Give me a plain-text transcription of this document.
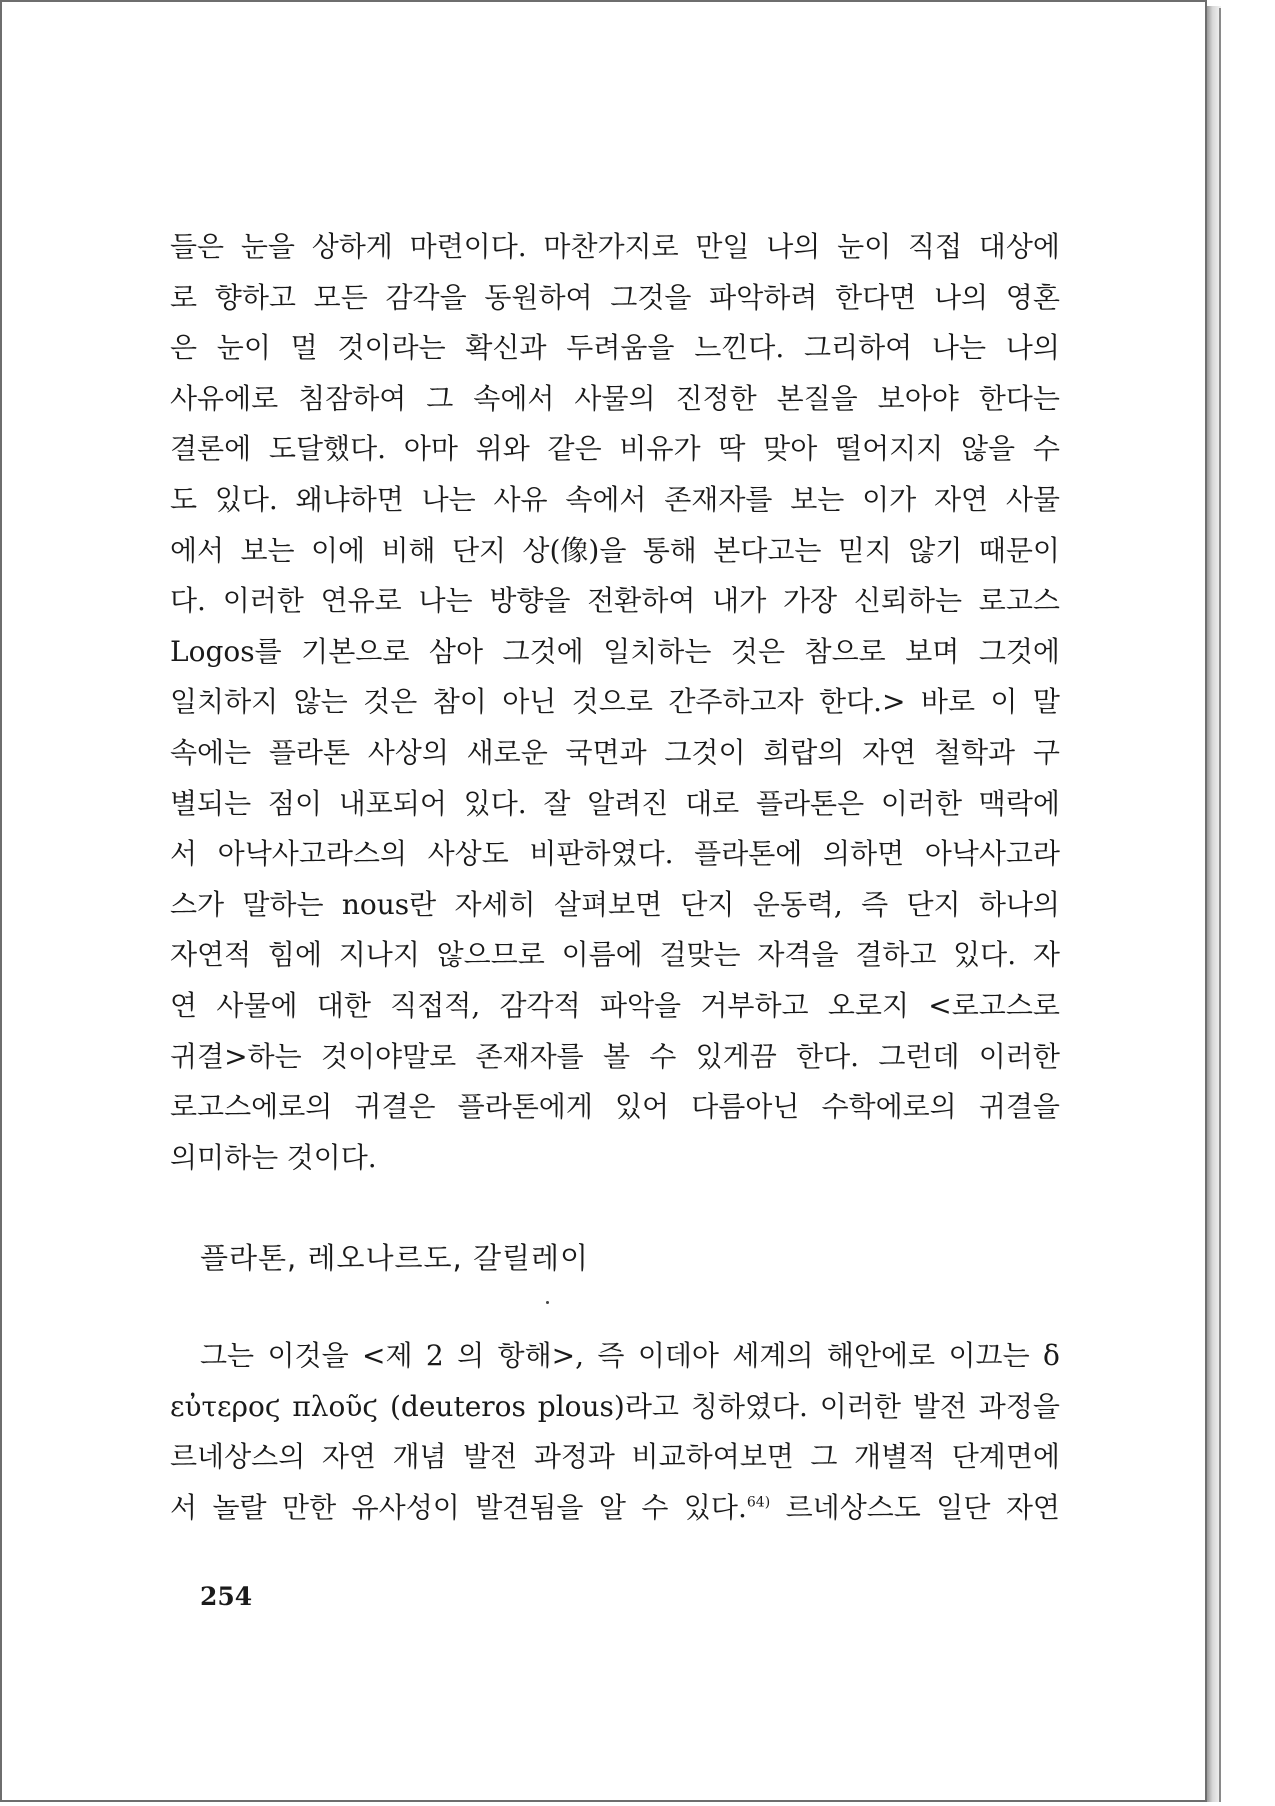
들은 눈을 상하게 마련이다. 마찬가지로 만일 나의 눈이 직접 대상에
로 향하고 모든 감각을 동원하여 그것을 파악하려 한다면 나의 영혼
은 눈이 멀 것이라는 확신과 두려움을 느낀다. 그리하여 나는 나의
사유에로 침잠하여 그 속에서 사물의 진정한 본질을 보아야 한다는
결론에 도달했다. 아마 위와 같은 비유가 딱 맞아 떨어지지 않을 수
도 있다. 왜냐하면 나는 사유 속에서 존재자를 보는 이가 자연 사물
에서 보는 이에 비해 단지 상(像)을 통해 본다고는 믿지 않기 때문이
다. 이러한 연유로 나는 방향을 전환하여 내가 가장 신뢰하는 로고스
Logos를 기본으로 삼아 그것에 일치하는 것은 참으로 보며 그것에
일치하지 않는 것은 참이 아닌 것으로 간주하고자 한다.> 바로 이 말
속에는 플라톤 사상의 새로운 국면과 그것이 희랍의 자연 철학과 구
별되는 점이 내포되어 있다. 잘 알려진 대로 플라톤은 이러한 맥락에
서 아낙사고라스의 사상도 비판하였다. 플라톤에 의하면 아낙사고라
스가 말하는 nous란 자세히 살펴보면 단지 운동력, 즉 단지 하나의
자연적 힘에 지나지 않으므로 이름에 걸맞는 자격을 결하고 있다. 자
연 사물에 대한 직접적, 감각적 파악을 거부하고 오로지 <로고스로
귀결>하는 것이야말로 존재자를 볼 수 있게끔 한다. 그런데 이러한
로고스에로의 귀결은 플라톤에게 있어 다름아닌 수학에로의 귀결을
의미하는 것이다.
플라톤, 레오나르도, 갈릴레이
그는 이것을 <제 2 의 항해>, 즉 이데아 세계의 해안에로 이끄는 δ
εὐτεροϛ πλοῦϛ (deuteros plous)라고 칭하였다. 이러한 발전 과정을
르네상스의 자연 개념 발전 과정과 비교하여보면 그 개별적 단계면에
서 놀랄 만한 유사성이 발견됨을 알 수 있다.$^{64)}$ 르네상스도 일단 자연
254
